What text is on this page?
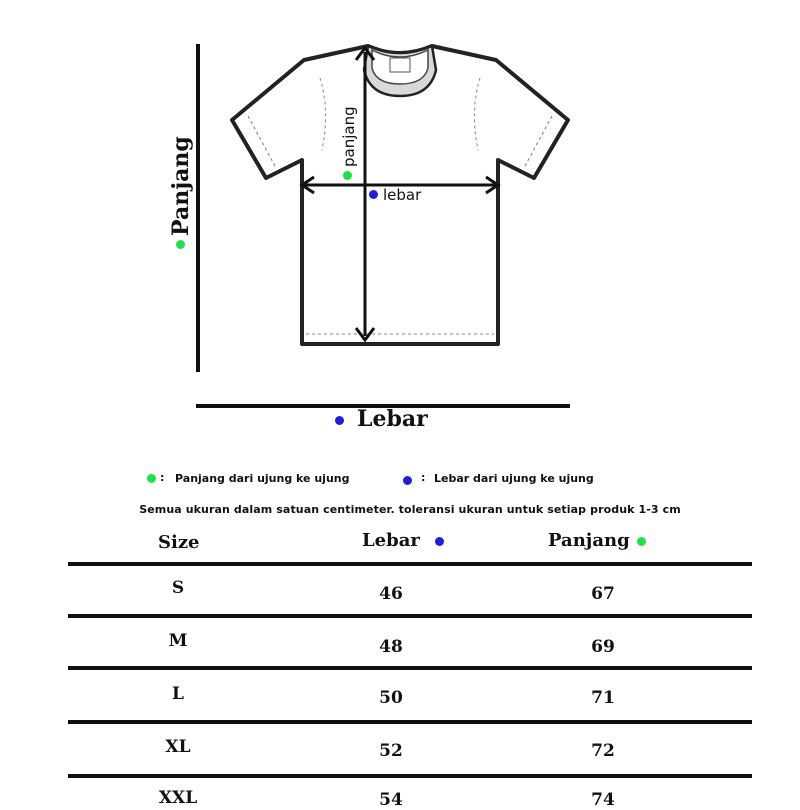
Panjang	panjang
lebar
Lebar
: Panjang dari ujung ke ujung	: Lebar dari ujung ke ujung
Semua ukuran dalam satuan centimeter. toleransi ukuran untuk setiap produk 1-3 cm
Size	Lebar	Panjang
S	46	67
M	48	69
L	50	71
XL	52	72
XXL	54	74
